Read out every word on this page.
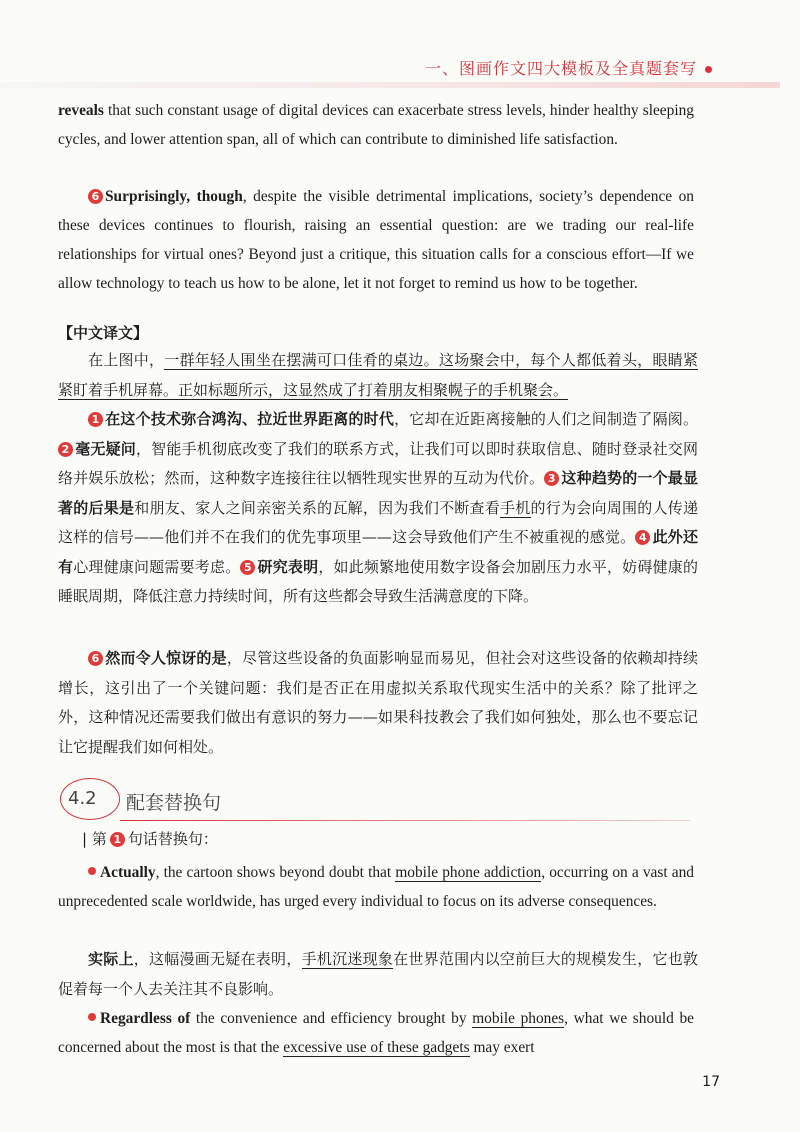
一、图画作文四大模板及全真题套写

reveals that such constant usage of digital devices can exacerbate stress levels, hinder healthy sleeping cycles, and lower attention span, all of which can contribute to diminished life satisfaction.

6 Surprisingly, though, despite the visible detrimental implications, society’s dependence on these devices continues to flourish, raising an essential question: are we trading our real-life relationships for virtual ones? Beyond just a critique, this situation calls for a conscious effort—If we allow technology to teach us how to be alone, let it not forget to remind us how to be together.

【中文译文】

在上图中，一群年轻人围坐在摆满可口佳肴的桌边。这场聚会中，每个人都低着头，眼睛紧紧盯着手机屏幕。正如标题所示，这显然成了打着朋友相聚幌子的手机聚会。

1 在这个技术弥合鸿沟、拉近世界距离的时代，它却在近距离接触的人们之间制造了隔阂。2 毫无疑问，智能手机彻底改变了我们的联系方式，让我们可以即时获取信息、随时登录社交网络并娱乐放松；然而，这种数字连接往往以牺牲现实世界的互动为代价。 3 这种趋势的一个最显著的后果是和朋友、家人之间亲密关系的瓦解，因为我们不断查看手机的行为会向周围的人传递这样的信号——他们并不在我们的优先事项里——这会导致他们产生不被重视的感觉。 4 此外还有心理健康问题需要考虑。 5 研究表明，如此频繁地使用数字设备会加剧压力水平，妨碍健康的睡眠周期，降低注意力持续时间，所有这些都会导致生活满意度的下降。

6 然而令人惊讶的是，尽管这些设备的负面影响显而易见，但社会对这些设备的依赖却持续增长，这引出了一个关键问题：我们是否正在用虚拟关系取代现实生活中的关系？除了批评之外，这种情况还需要我们做出有意识的努力——如果科技教会了我们如何独处，那么也不要忘记让它提醒我们如何相处。

4.2 配套替换句
| 第 1 句话替换句：

Actually, the cartoon shows beyond doubt that mobile phone addiction, occurring on a vast and unprecedented scale worldwide, has urged every individual to focus on its adverse consequences.

实际上，这幅漫画无疑在表明，手机沉迷现象在世界范围内以空前巨大的规模发生，它也敦促着每一个人去关注其不良影响。

Regardless of the convenience and efficiency brought by mobile phones, what we should be concerned about the most is that the excessive use of these gadgets may exert

17
